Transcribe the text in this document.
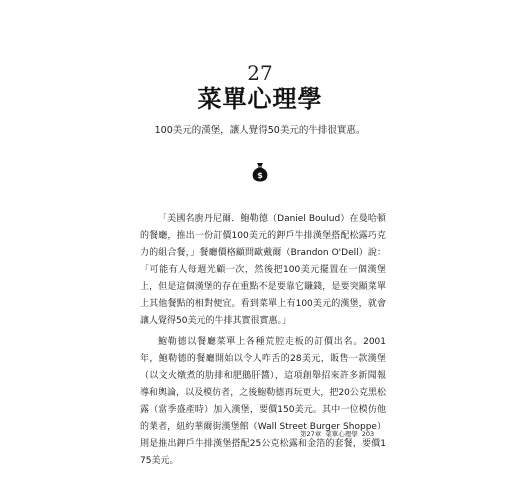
27
菜單心理學
100美元的漢堡，讓人覺得50美元的牛排很實惠。
$

「美國名廚丹尼爾．鮑勒德（Daniel Boulud）在曼哈頓的餐廳，推出一份訂價100美元的鉀戶牛排漢堡搭配松露巧克力的組合餐，」餐廳價格顧問歐戴爾（Brandon O'Dell）說：「可能有人每週光顧一次，然後把100美元擺置在一個漢堡上，但是這個漢堡的存在重點不是要靠它賺錢，是要突顯菜單上其他餐點的相對便宜。看到菜單上有100美元的漢堡，就會讓人覺得50美元的牛排其實很實惠。」

鮑勒德以餐廳菜單上各種荒腔走板的訂價出名。2001年，鮑勒德的餐廳開始以令人咋舌的28美元，販售一款漢堡（以文火燉煮的肋排和肥鵝肝醬），這項創舉招來許多新聞報導和輿論，以及模仿者，之後鮑勒德再玩更大，把20公克黑松露（當季盛產時）加入漢堡，要價150美元。其中一位模仿他的業者，紐約華爾街漢堡館（Wall Street Burger Shoppe）則是推出鉀戶牛排漢堡搭配25公克松露和金箔的套餐，要價175美元。

第27章 菜單心理學 203
